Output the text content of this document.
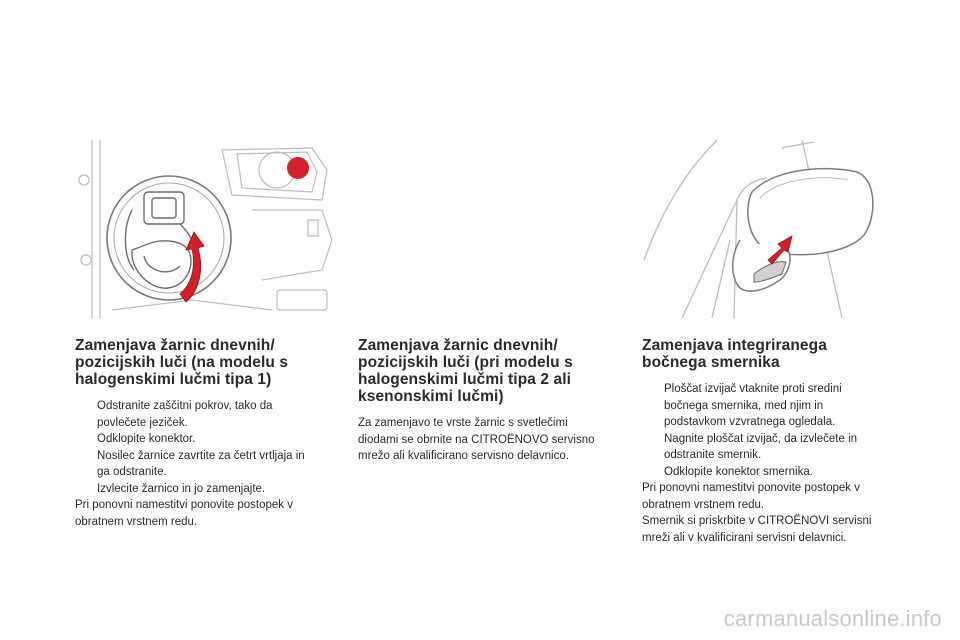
Zamenjava žarnic dnevnih/
pozicijskih luči (na modelu s
halogenskimi lučmi tipa 1)
Odstranite zaščitni pokrov, tako da
povlečete jeziček.
Odklopite konektor.
Nosilec žarnice zavrtite za četrt vrtljaja in
ga odstranite.
Izvlecite žarnico in jo zamenjajte.

Pri ponovni namestitvi ponovite postopek v
obratnem vrstnem redu.

Zamenjava žarnic dnevnih/
pozicijskih luči (pri modelu s
halogenskimi lučmi tipa 2 ali
ksenonskimi lučmi)

Za zamenjavo te vrste žarnic s svetlečimi
diodami se obrnite na CITROËNOVO servisno
mrežo ali kvalificirano servisno delavnico.

Zamenjava integriranega
bočnega smernika
Ploščat izvijač vtaknite proti sredini
bočnega smernika, med njim in
podstavkom vzvratnega ogledala.
Nagnite ploščat izvijač, da izvlečete in
odstranite smernik.
Odklopite konektor smernika.

Pri ponovni namestitvi ponovite postopek v
obratnem vrstnem redu.
Smernik si priskrbite v CITROËNOVI servisni
mreži ali v kvalificirani servisni delavnici.

carmanualsonline.info
